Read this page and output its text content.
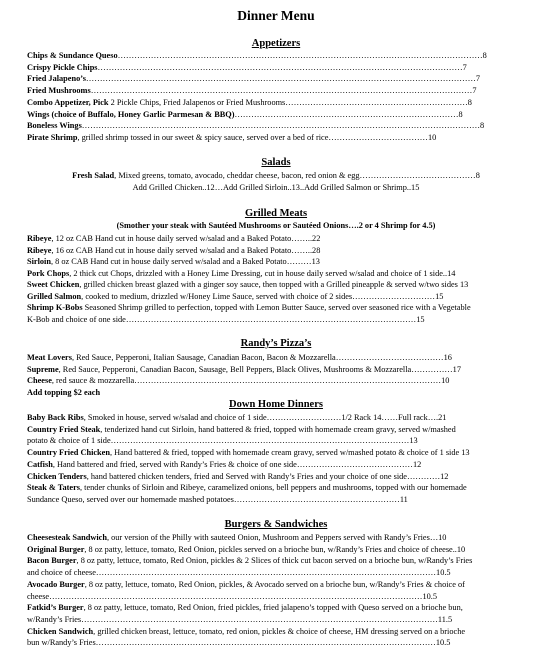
Dinner Menu
Appetizers
Chips & Sundance Queso……………………………………………………………………………………………………………………8
Crispy Pickle Chips……………………………………………………………………………………………………………………7
Fried Jalapeno’s……………………………………………………………………………………………………………………………7
Fried Mushrooms…………………………………………………………………………………………………………………………7
Combo Appetizer, Pick 2 Pickle Chips, Fried Jalapenos or Fried Mushrooms…………………………………………………………8
Wings (choice of Buffalo, Honey Garlic Parmesan & BBQ)………………………………………………………………………8
Boneless Wings………………………………………………………………………………………………………………………………8
Pirate Shrimp, grilled shrimp tossed in our sweet & spicy sauce, served over a bed of rice………………………………10
Salads
Fresh Salad, Mixed greens, tomato, avocado, cheddar cheese, bacon, red onion & egg……………………………………8
Add Grilled Chicken..12…Add Grilled Sirloin..13..Add Grilled Salmon or Shrimp..15
Grilled Meats
(Smother your steak with Sautéed Mushrooms or Sautéed Onions….2 or 4 Shrimp for 4.5)
Ribeye, 12 oz CAB Hand cut in house daily served w/salad and a Baked Potato……..22
Ribeye, 16 oz CAB Hand cut in house daily served w/salad and a Baked Potato……..28
Sirloin, 8 oz CAB Hand cut in house daily served w/salad and a Baked Potato………13
Pork Chops, 2 thick cut Chops, drizzled with a Honey Lime Dressing, cut in house daily served w/salad and choice of 1 side..14
Sweet Chicken, grilled chicken breast glazed with a ginger soy sauce, then topped with a Grilled pineapple & served w/two sides 13
Grilled Salmon, cooked to medium, drizzled w/Honey Lime Sauce, served with choice of 2 sides…………………………15
Shrimp K-Bobs Seasoned Shrimp grilled to perfection, topped with Lemon Butter Sauce, served over seasoned rice with a Vegetable
K-Bob and choice of one side……………………………………………………………………………………………15
Randy’s Pizza’s
Meat Lovers, Red Sauce, Pepperoni, Italian Sausage, Canadian Bacon, Bacon & Mozzarella…………………………………16
Supreme, Red Sauce, Pepperoni, Canadian Bacon, Sausage, Bell Peppers, Black Olives, Mushrooms & Mozzarella……………17
Cheese, red sauce & mozzarella…………………………………………………………………………………………………10
Add topping $2 each
Down Home Dinners
Baby Back Ribs, Smoked in house, served w/salad and choice of 1 side………………………1/2 Rack 14……Full rack….21
Country Fried Steak, tenderized hand cut Sirloin, hand battered & fried, topped with homemade cream gravy, served w/mashed
potato & choice of 1 side………………………………………………………………………………………………13
Country Fried Chicken, Hand battered & fried, topped with homemade cream gravy, served w/mashed potato & choice of 1 side 13
Catfish, Hand battered and fried, served with Randy’s Fries & choice of one side……………………………………12
Chicken Tenders, hand battered chicken tenders, fried and Served with Randy’s Fries and your choice of one side…………12
Steak & Taters, tender chunks of Sirloin and Ribeye, caramelized onions, bell peppers and mushrooms, topped with our homemade
Sundance Queso, served over our homemade mashed potatoes……………………………………………………11
Burgers & Sandwiches
Cheesesteak Sandwich, our version of the Philly with sauteed Onion, Mushroom and Peppers served with Randy’s Fries…10
Original Burger, 8 oz patty, lettuce, tomato, Red Onion, pickles served on a brioche bun, w/Randy’s Fries and choice of cheese..10
Bacon Burger, 8 oz patty, lettuce, tomato, Red Onion, pickles & 2 Slices of thick cut bacon served on a brioche bun, w/Randy’s Fries
and choice of cheese……………………………………………………………………………………………………………10.5
Avocado Burger, 8 oz patty, lettuce, tomato, Red Onion, pickles, & Avocado served on a brioche bun, w/Randy’s Fries & choice of
cheese………………………………………………………………………………………………………………………10.5
Fatkid’s Burger, 8 oz patty, lettuce, tomato, Red Onion, fried pickles, fried jalapeno’s topped with Queso served on a brioche bun,
w/Randy’s Fries…………………………………………………………………………………………………………………11.5
Chicken Sandwich, grilled chicken breast, lettuce, tomato, red onion, pickles & choice of cheese, HM dressing served on a brioche
bun w/Randy’s Fries……………………………………………………………………………………………………………10.5
